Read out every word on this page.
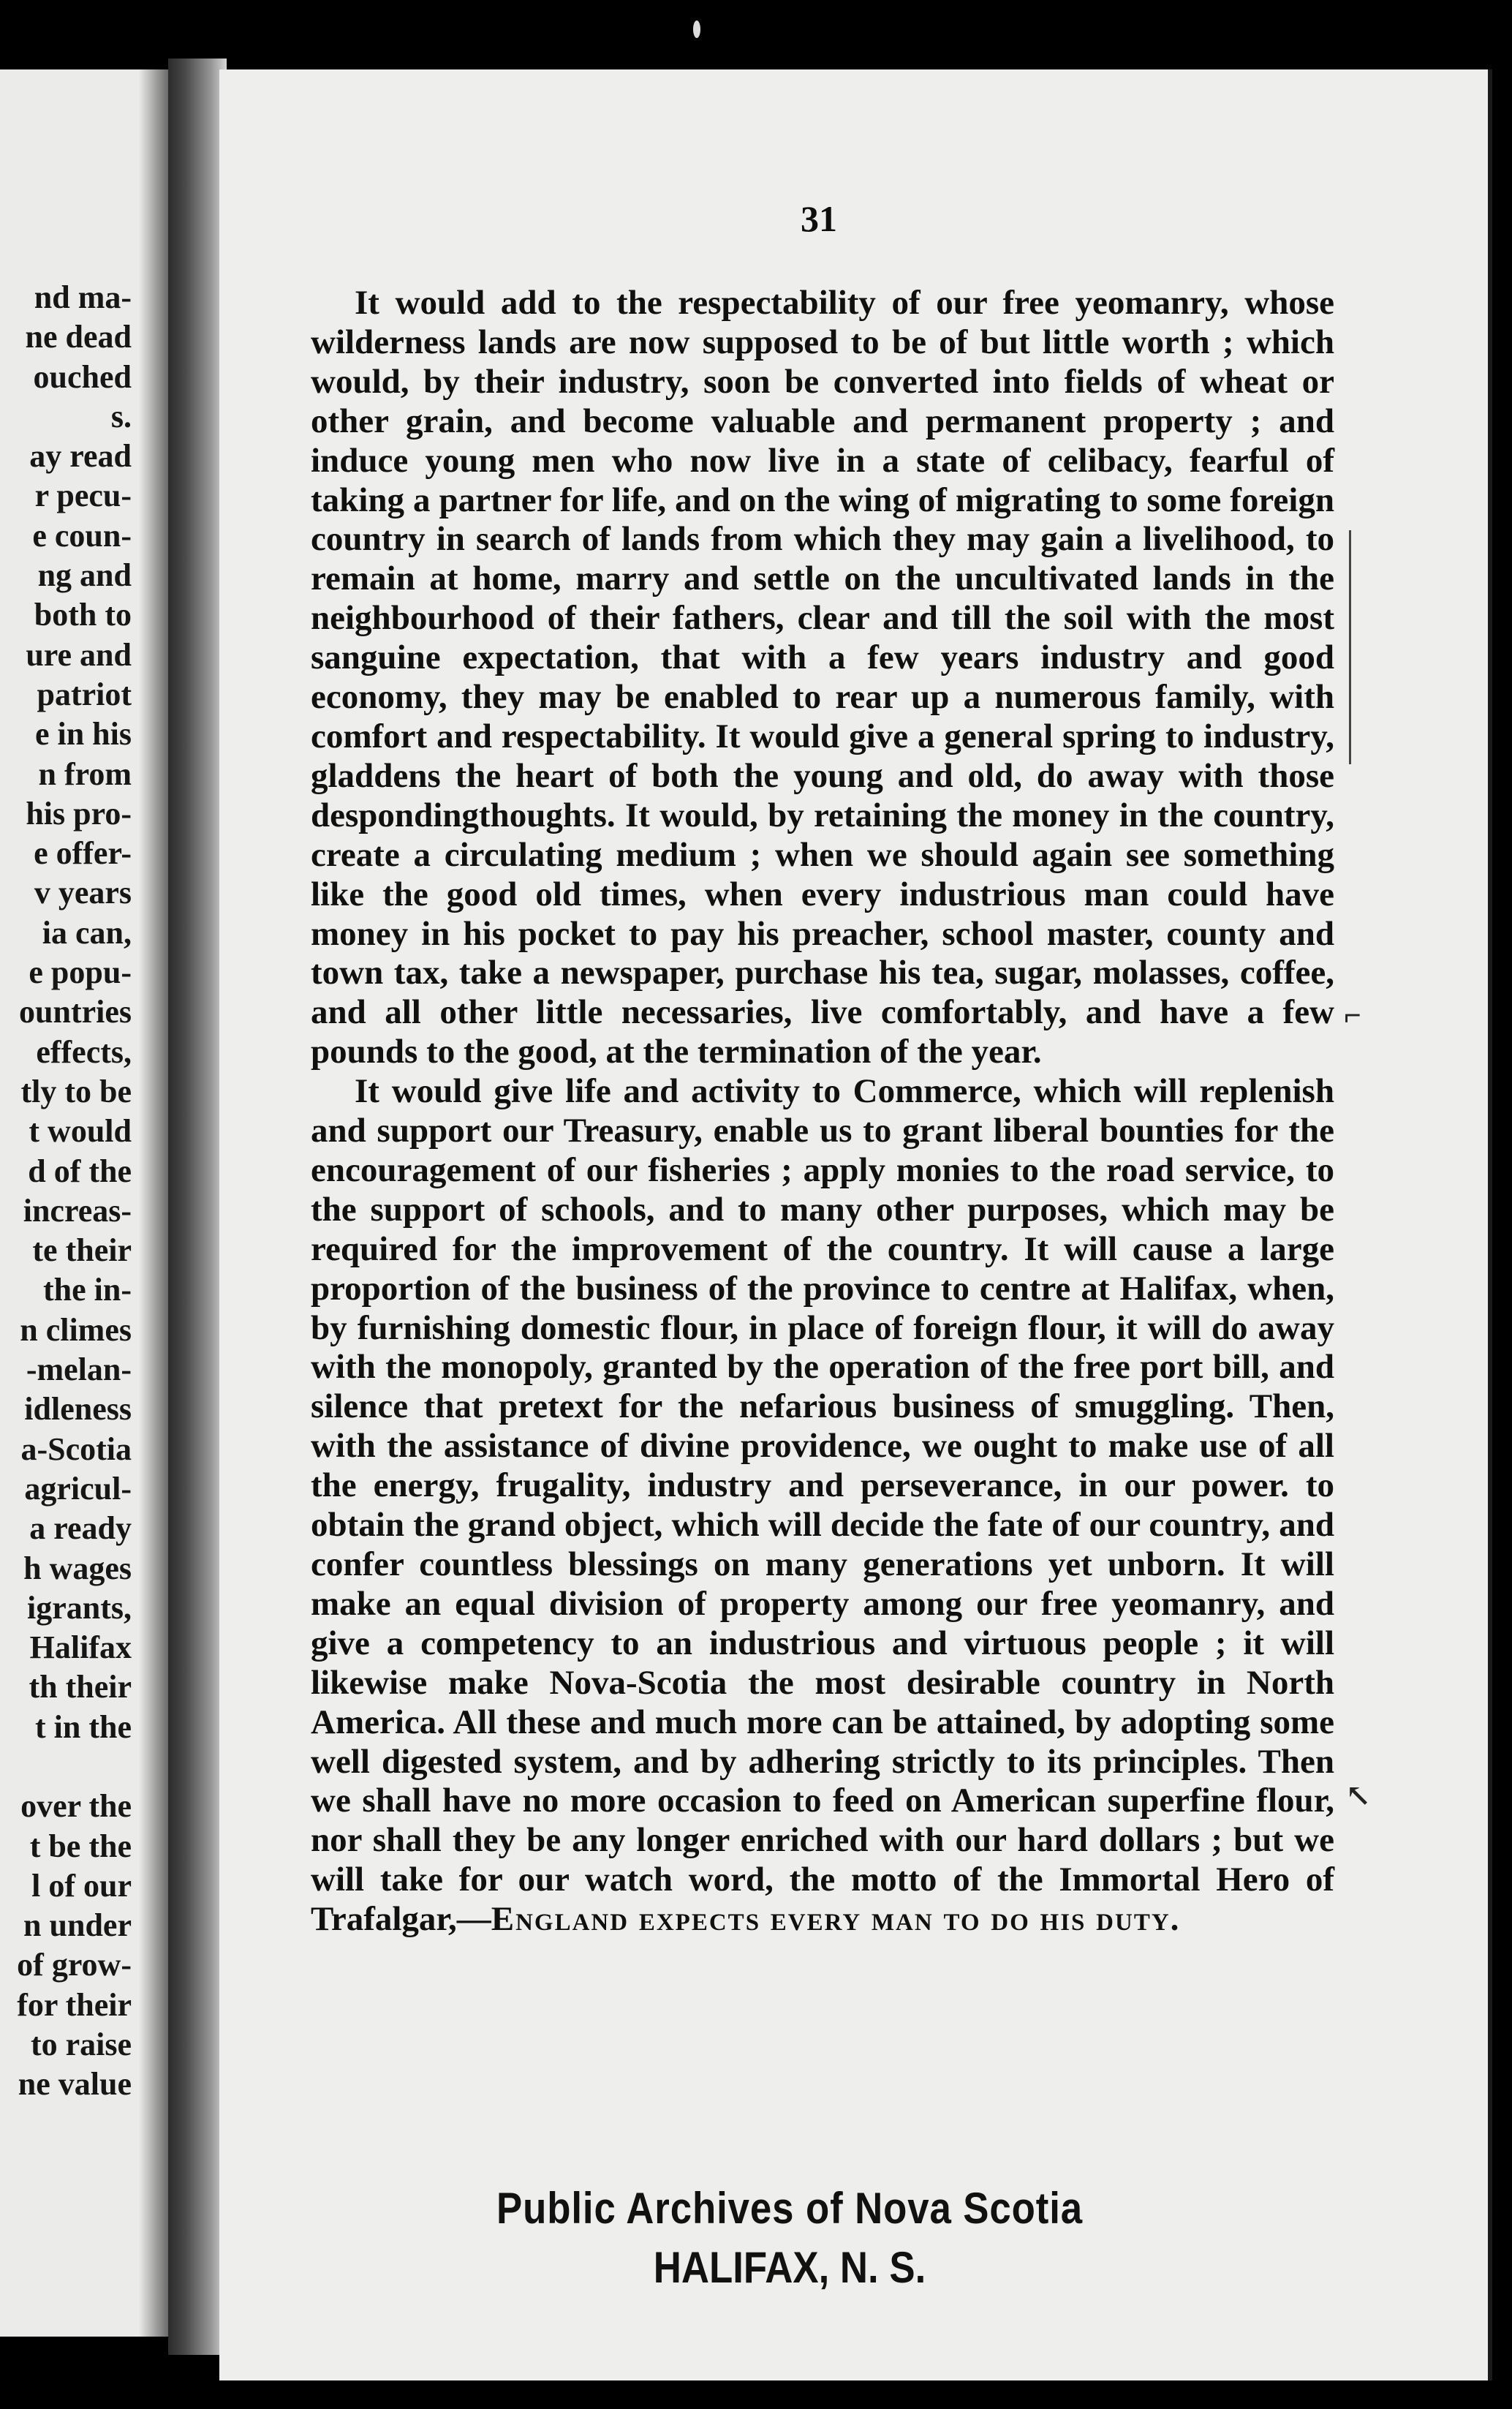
nd ma-
ne dead
ouched
s.
ay read
r pecu-
e coun-
ng and
both to
ure and
patriot
e in his
n from
his pro-
e offer-
v years
ia can,
e popu-
ountries
effects,
tly to be
t would
d of the
increas-
te their
the in-
n climes
-melan-
idleness
a-Scotia
agricul-
a ready
h wages
igrants,
Halifax
th their
t in the
over the
t be the
l of our
n under
of grow-
for their
to raise
ne value
31

It would add to the respectability of our free yeomanry, whose wilderness lands are now supposed to be of but little worth ; which would, by their industry, soon be converted into fields of wheat or other grain, and become valuable and permanent property ; and induce young men who now live in a state of celibacy, fearful of taking a partner for life, and on the wing of migrating to some foreign country in search of lands from which they may gain a livelihood, to remain at home, marry and settle on the uncultivated lands in the neighbourhood of their fathers, clear and till the soil with the most sanguine expectation, that with a few years industry and good economy, they may be enabled to rear up a numerous family, with comfort and respectability. It would give a general spring to industry, gladdens the heart of both the young and old, do away with those despondingthoughts. It would, by retaining the money in the country, create a circulating medium ; when we should again see something like the good old times, when every industrious man could have money in his pocket to pay his preacher, school master, county and town tax, take a newspaper, purchase his tea, sugar, molasses, coffee, and all other little necessaries, live comfortably, and have a few pounds to the good, at the termination of the year.

It would give life and activity to Commerce, which will replenish and support our Treasury, enable us to grant liberal bounties for the encouragement of our fisheries ; apply monies to the road service, to the support of schools, and to many other purposes, which may be required for the improvement of the country. It will cause a large proportion of the business of the province to centre at Halifax, when, by furnishing domestic flour, in place of foreign flour, it will do away with the monopoly, granted by the operation of the free port bill, and silence that pretext for the nefarious business of smuggling. Then, with the assistance of divine providence, we ought to make use of all the energy, frugality, industry and perseverance, in our power. to obtain the grand object, which will decide the fate of our country, and confer countless blessings on many generations yet unborn. It will make an equal division of property among our free yeomanry, and give a competency to an industrious and virtuous people ; it will likewise make Nova-Scotia the most desirable country in North America. All these and much more can be attained, by adopting some well digested system, and by adhering strictly to its principles. Then we shall have no more occasion to feed on American superfine flour, nor shall they be any longer enriched with our hard dollars ; but we will take for our watch word, the motto of the Immortal Hero of Trafalgar,—England expects every man to do his duty.

⌐
↖
Public Archives of Nova Scotia
HALIFAX, N. S.
